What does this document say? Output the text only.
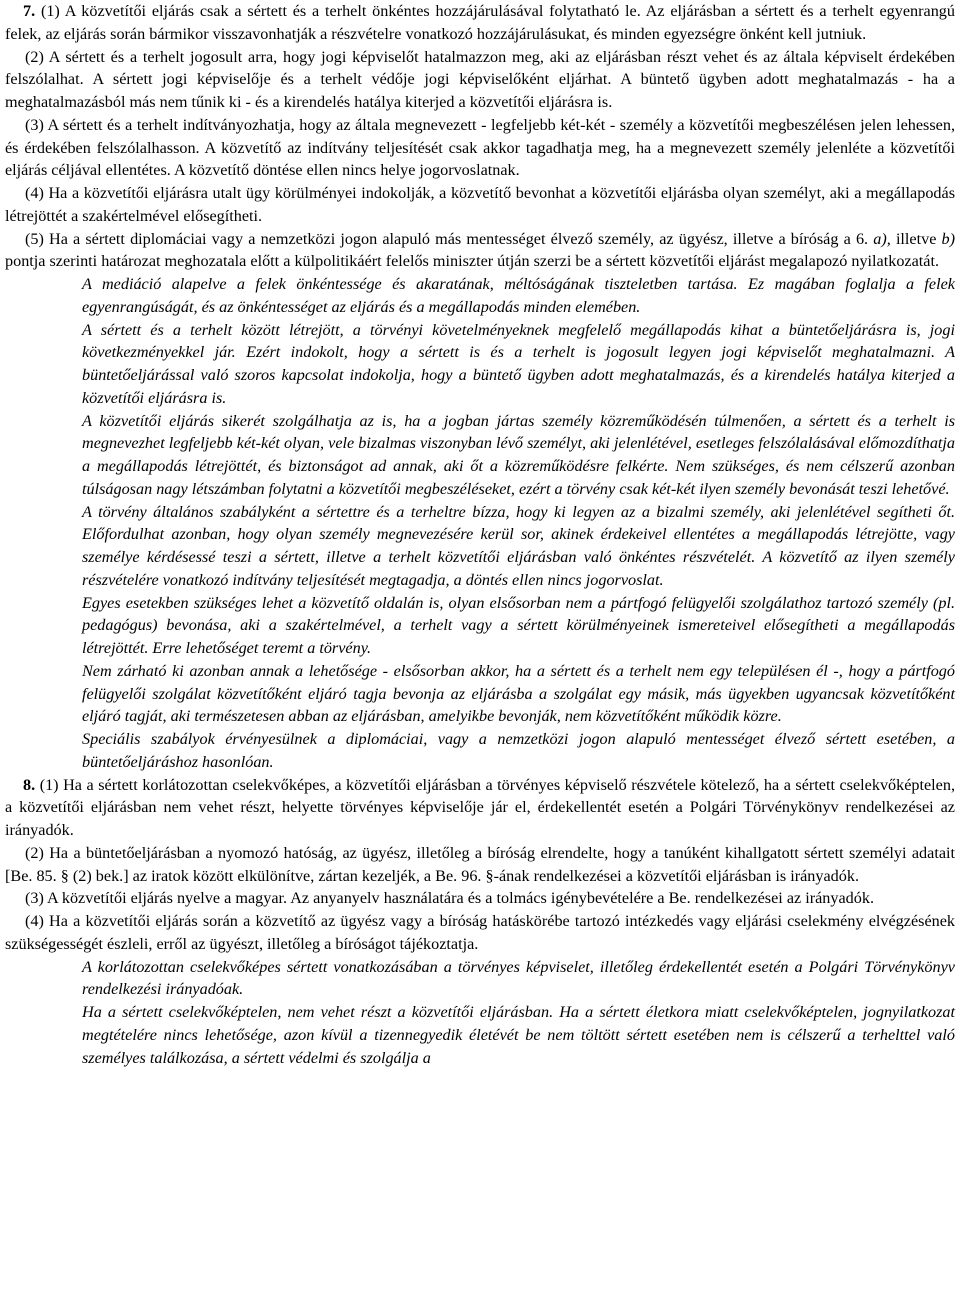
7. (1) A közvetítői eljárás csak a sértett és a terhelt önkéntes hozzájárulásával folytatható le. Az eljárásban a sértett és a terhelt egyenrangú felek, az eljárás során bármikor visszavonhatják a részvételre vonatkozó hozzájárulásukat, és minden egyezségre önként kell jutniuk.

(2) A sértett és a terhelt jogosult arra, hogy jogi képviselőt hatalmazzon meg, aki az eljárásban részt vehet és az általa képviselt érdekében felszólalhat. A sértett jogi képviselője és a terhelt védője jogi képviselőként eljárhat. A büntető ügyben adott meghatalmazás - ha a meghatalmazásból más nem tűnik ki - és a kirendelés hatálya kiterjed a közvetítői eljárásra is.

(3) A sértett és a terhelt indítványozhatja, hogy az általa megnevezett - legfeljebb két-két - személy a közvetítői megbeszélésen jelen lehessen, és érdekében felszólalhasson. A közvetítő az indítvány teljesítését csak akkor tagadhatja meg, ha a megnevezett személy jelenléte a közvetítői eljárás céljával ellentétes. A közvetítő döntése ellen nincs helye jogorvoslatnak.

(4) Ha a közvetítői eljárásra utalt ügy körülményei indokolják, a közvetítő bevonhat a közvetítői eljárásba olyan személyt, aki a megállapodás létrejöttét a szakértelmével elősegítheti.

(5) Ha a sértett diplomáciai vagy a nemzetközi jogon alapuló más mentességet élvező személy, az ügyész, illetve a bíróság a 6. a), illetve b) pontja szerinti határozat meghozatala előtt a külpolitikáért felelős miniszter útján szerzi be a sértett közvetítői eljárást megalapozó nyilatkozatát.

A mediáció alapelve a felek önkéntessége és akaratának, méltóságának tiszteletben tartása. Ez magában foglalja a felek egyenrangúságát, és az önkéntességet az eljárás és a megállapodás minden elemében.

A sértett és a terhelt között létrejött, a törvényi követelményeknek megfelelő megállapodás kihat a büntetőeljárásra is, jogi következményekkel jár. Ezért indokolt, hogy a sértett is és a terhelt is jogosult legyen jogi képviselőt meghatalmazni. A büntetőeljárással való szoros kapcsolat indokolja, hogy a büntető ügyben adott meghatalmazás, és a kirendelés hatálya kiterjed a közvetítői eljárásra is.

A közvetítői eljárás sikerét szolgálhatja az is, ha a jogban jártas személy közreműködésén túlmenően, a sértett és a terhelt is megnevezhet legfeljebb két-két olyan, vele bizalmas viszonyban lévő személyt, aki jelenlétével, esetleges felszólalásával előmozdíthatja a megállapodás létrejöttét, és biztonságot ad annak, aki őt a közreműködésre felkérte. Nem szükséges, és nem célszerű azonban túlságosan nagy létszámban folytatni a közvetítői megbeszéléseket, ezért a törvény csak két-két ilyen személy bevonását teszi lehetővé.

A törvény általános szabályként a sértettre és a terheltre bízza, hogy ki legyen az a bizalmi személy, aki jelenlétével segítheti őt. Előfordulhat azonban, hogy olyan személy megnevezésére kerül sor, akinek érdekeivel ellentétes a megállapodás létrejötte, vagy személye kérdésessé teszi a sértett, illetve a terhelt közvetítői eljárásban való önkéntes részvételét. A közvetítő az ilyen személy részvételére vonatkozó indítvány teljesítését megtagadja, a döntés ellen nincs jogorvoslat.

Egyes esetekben szükséges lehet a közvetítő oldalán is, olyan elsősorban nem a pártfogó felügyelői szolgálathoz tartozó személy (pl. pedagógus) bevonása, aki a szakértelmével, a terhelt vagy a sértett körülményeinek ismereteivel elősegítheti a megállapodás létrejöttét. Erre lehetőséget teremt a törvény.

Nem zárható ki azonban annak a lehetősége - elsősorban akkor, ha a sértett és a terhelt nem egy településen él -, hogy a pártfogó felügyelői szolgálat közvetítőként eljáró tagja bevonja az eljárásba a szolgálat egy másik, más ügyekben ugyancsak közvetítőként eljáró tagját, aki természetesen abban az eljárásban, amelyikbe bevonják, nem közvetítőként működik közre.

Speciális szabályok érvényesülnek a diplomáciai, vagy a nemzetközi jogon alapuló mentességet élvező sértett esetében, a büntetőeljáráshoz hasonlóan.

8. (1) Ha a sértett korlátozottan cselekvőképes, a közvetítői eljárásban a törvényes képviselő részvétele kötelező, ha a sértett cselekvőképtelen, a közvetítői eljárásban nem vehet részt, helyette törvényes képviselője jár el, érdekellentét esetén a Polgári Törvénykönyv rendelkezései az irányadók.

(2) Ha a büntetőeljárásban a nyomozó hatóság, az ügyész, illetőleg a bíróság elrendelte, hogy a tanúként kihallgatott sértett személyi adatait [Be. 85. § (2) bek.] az iratok között elkülönítve, zártan kezeljék, a Be. 96. §-ának rendelkezései a közvetítői eljárásban is irányadók.

(3) A közvetítői eljárás nyelve a magyar. Az anyanyelv használatára és a tolmács igénybevételére a Be. rendelkezései az irányadók.

(4) Ha a közvetítői eljárás során a közvetítő az ügyész vagy a bíróság hatáskörébe tartozó intézkedés vagy eljárási cselekmény elvégzésének szükségességét észleli, erről az ügyészt, illetőleg a bíróságot tájékoztatja.

A korlátozottan cselekvőképes sértett vonatkozásában a törvényes képviselet, illetőleg érdekellentét esetén a Polgári Törvénykönyv rendelkezési irányadóak.

Ha a sértett cselekvőképtelen, nem vehet részt a közvetítői eljárásban. Ha a sértett életkora miatt cselekvőképtelen, jognyilatkozat megtételére nincs lehetősége, azon kívül a tizennegyedik életévét be nem töltött sértett esetében nem is célszerű a terhelttel való személyes találkozása, a sértett védelmi és szolgálja a
